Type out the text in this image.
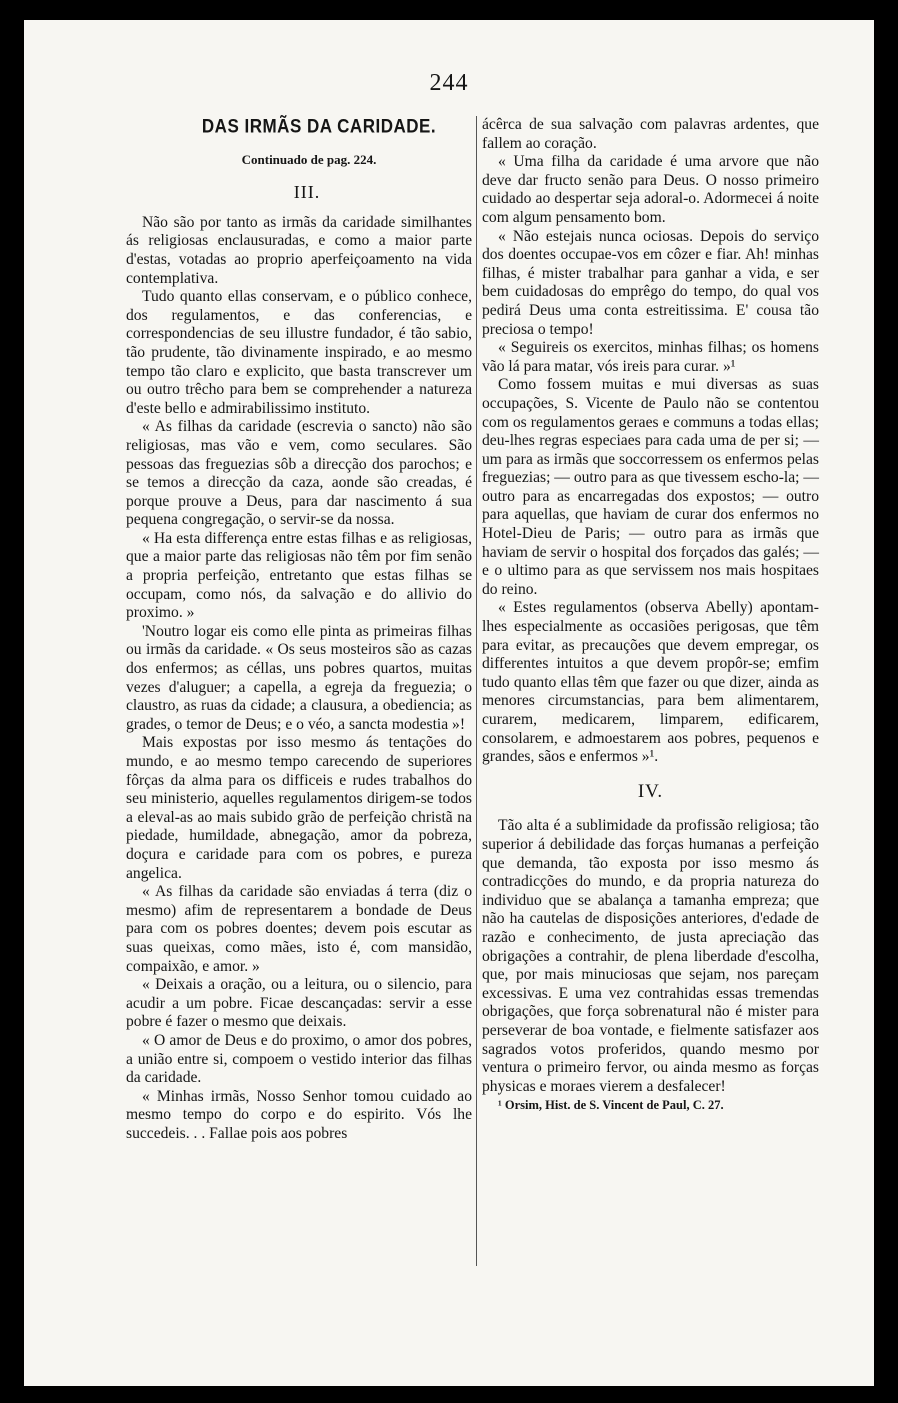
244
DAS IRMÃS DA CARIDADE.
Continuado de pag. 224.
III.

Não são por tanto as irmãs da caridade similhantes ás religiosas enclausuradas, e como a maior parte d'estas, votadas ao proprio aperfeiçoamento na vida contemplativa.

Tudo quanto ellas conservam, e o público conhece, dos regulamentos, e das conferencias, e correspondencias de seu illustre fundador, é tão sabio, tão prudente, tão divinamente inspirado, e ao mesmo tempo tão claro e explicito, que basta transcrever um ou outro trêcho para bem se comprehender a natureza d'este bello e admirabilissimo instituto.

« As filhas da caridade (escrevia o sancto) não são religiosas, mas vão e vem, como seculares. São pessoas das freguezias sôb a direcção dos parochos; e se temos a direcção da caza, aonde são creadas, é porque prouve a Deus, para dar nascimento á sua pequena congregação, o servir-se da nossa.

« Ha esta differença entre estas filhas e as religiosas, que a maior parte das religiosas não têm por fim senão a propria perfeição, entretanto que estas filhas se occupam, como nós, da salvação e do allivio do proximo. »

'Noutro logar eis como elle pinta as primeiras filhas ou irmãs da caridade. « Os seus mosteiros são as cazas dos enfermos; as céllas, uns pobres quartos, muitas vezes d'aluguer; a capella, a egreja da freguezia; o claustro, as ruas da cidade; a clausura, a obediencia; as grades, o temor de Deus; e o véo, a sancta modestia »!

Mais expostas por isso mesmo ás tentações do mundo, e ao mesmo tempo carecendo de superiores fôrças da alma para os difficeis e rudes trabalhos do seu ministerio, aquelles regulamentos dirigem-se todos a eleval-as ao mais subido grão de perfeição christã na piedade, humildade, abnegação, amor da pobreza, doçura e caridade para com os pobres, e pureza angelica.

« As filhas da caridade são enviadas á terra (diz o mesmo) afim de representarem a bondade de Deus para com os pobres doentes; devem pois escutar as suas queixas, como mães, isto é, com mansidão, compaixão, e amor. »

« Deixais a oração, ou a leitura, ou o silencio, para acudir a um pobre. Ficae descançadas: servir a esse pobre é fazer o mesmo que deixais.

« O amor de Deus e do proximo, o amor dos pobres, a união entre si, compoem o vestido interior das filhas da caridade.

« Minhas irmãs, Nosso Senhor tomou cuidado ao mesmo tempo do corpo e do espirito. Vós lhe succedeis. . . Fallae pois aos pobres

ácêrca de sua salvação com palavras ardentes, que fallem ao coração.

« Uma filha da caridade é uma arvore que não deve dar fructo senão para Deus. O nosso primeiro cuidado ao despertar seja adoral-o. Adormecei á noite com algum pensamento bom.

« Não estejais nunca ociosas. Depois do serviço dos doentes occupae-vos em côzer e fiar. Ah! minhas filhas, é mister trabalhar para ganhar a vida, e ser bem cuidadosas do emprêgo do tempo, do qual vos pedirá Deus uma conta estreitissima. E' cousa tão preciosa o tempo!

« Seguireis os exercitos, minhas filhas; os homens vão lá para matar, vós ireis para curar. »¹

Como fossem muitas e mui diversas as suas occupações, S. Vicente de Paulo não se contentou com os regulamentos geraes e communs a todas ellas; deu-lhes regras especiaes para cada uma de per si; — um para as irmãs que soccorressem os enfermos pelas freguezias; — outro para as que tivessem escho-la; — outro para as encarregadas dos expostos; — outro para aquellas, que haviam de curar dos enfermos no Hotel-Dieu de Paris; — outro para as irmãs que haviam de servir o hospital dos forçados das galés; — e o ultimo para as que servissem nos mais hospitaes do reino.

« Estes regulamentos (observa Abelly) apontam-lhes especialmente as occasiões perigosas, que têm para evitar, as precauções que devem empregar, os differentes intuitos a que devem propôr-se; emfim tudo quanto ellas têm que fazer ou que dizer, ainda as menores circumstancias, para bem alimentarem, curarem, medicarem, limparem, edificarem, consolarem, e admoestarem aos pobres, pequenos e grandes, sãos e enfermos »¹.

IV.

Tão alta é a sublimidade da profissão religiosa; tão superior á debilidade das forças humanas a perfeição que demanda, tão exposta por isso mesmo ás contradicções do mundo, e da propria natureza do individuo que se abalança a tamanha empreza; que não ha cautelas de disposições anteriores, d'edade de razão e conhecimento, de justa apreciação das obrigações a contrahir, de plena liberdade d'escolha, que, por mais minuciosas que sejam, nos pareçam excessivas. E uma vez contrahidas essas tremendas obrigações, que força sobrenatural não é mister para perseverar de boa vontade, e fielmente satisfazer aos sagrados votos proferidos, quando mesmo por ventura o primeiro fervor, ou ainda mesmo as forças physicas e moraes vierem a desfalecer!

¹ Orsim, Hist. de S. Vincent de Paul, C. 27.
